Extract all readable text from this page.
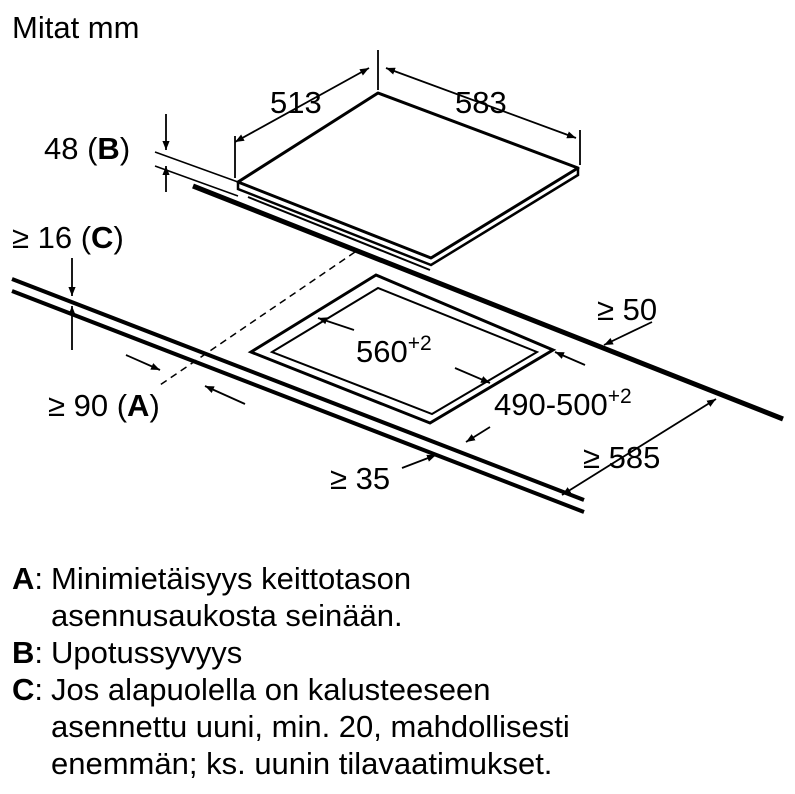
Mitat mm
513	583
48 (B)
≥ 16 (C)
$560^{+2}$
$490-500^{+2}$
≥ 50
≥ 90 (A)
≥ 35
≥ 585
A : Minimietäisyys keittotason
asennusaukosta seinään.
B : Upotussyvyys
C : Jos alapuolella on kalusteeseen
asennettu uuni, min. 20, mahdollisesti
enemmän; ks. uunin tilavaatimukset.
